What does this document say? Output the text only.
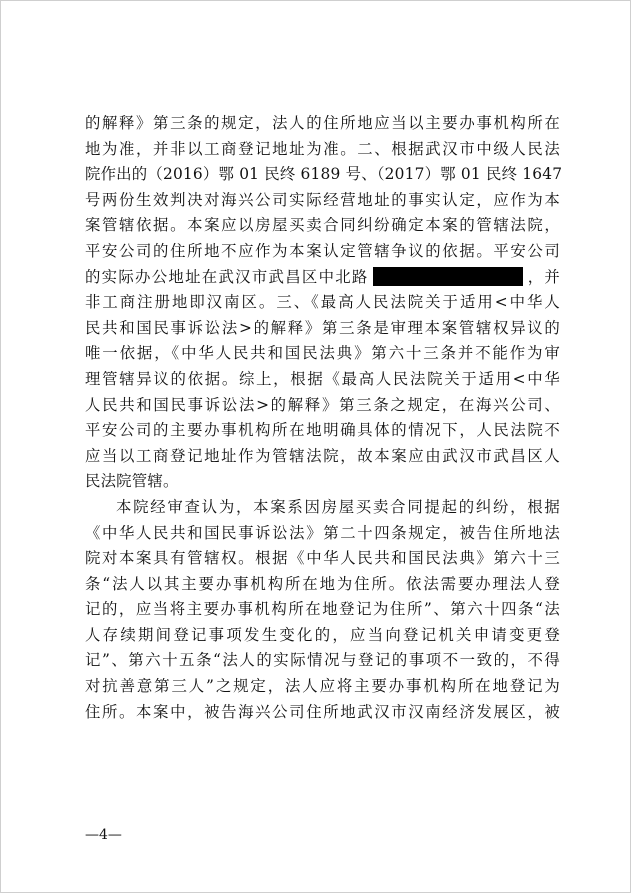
的解释》第三条的规定，法人的住所地应当以主要办事机构所在
地为准，并非以工商登记地址为准。二、根据武汉市中级人民法
院作出的（2016）鄂 01 民终 6189 号、（2017）鄂 01 民终 1647
号两份生效判决对海兴公司实际经营地址的事实认定，应作为本
案管辖依据。本案应以房屋买卖合同纠纷确定本案的管辖法院，
平安公司的住所地不应作为本案认定管辖争议的依据。平安公司
的实际办公地址在武汉市武昌区中北路	，并
非工商注册地即汉南区。三、《最高人民法院关于适用<中华人
民共和国民事诉讼法>的解释》第三条是审理本案管辖权异议的
唯一依据，《中华人民共和国民法典》第六十三条并不能作为审
理管辖异议的依据。综上，根据《最高人民法院关于适用<中华
人民共和国民事诉讼法>的解释》第三条之规定，在海兴公司、
平安公司的主要办事机构所在地明确具体的情况下，人民法院不
应当以工商登记地址作为管辖法院，故本案应由武汉市武昌区人
民法院管辖。
本院经审查认为，本案系因房屋买卖合同提起的纠纷，根据
《中华人民共和国民事诉讼法》第二十四条规定，被告住所地法
院对本案具有管辖权。根据《中华人民共和国民法典》第六十三
条“法人以其主要办事机构所在地为住所。依法需要办理法人登
记的，应当将主要办事机构所在地登记为住所”、第六十四条“法
人存续期间登记事项发生变化的，应当向登记机关申请变更登
记”、第六十五条“法人的实际情况与登记的事项不一致的，不得
对抗善意第三人”之规定，法人应将主要办事机构所在地登记为
住所。本案中，被告海兴公司住所地武汉市汉南经济发展区，被
—4—
